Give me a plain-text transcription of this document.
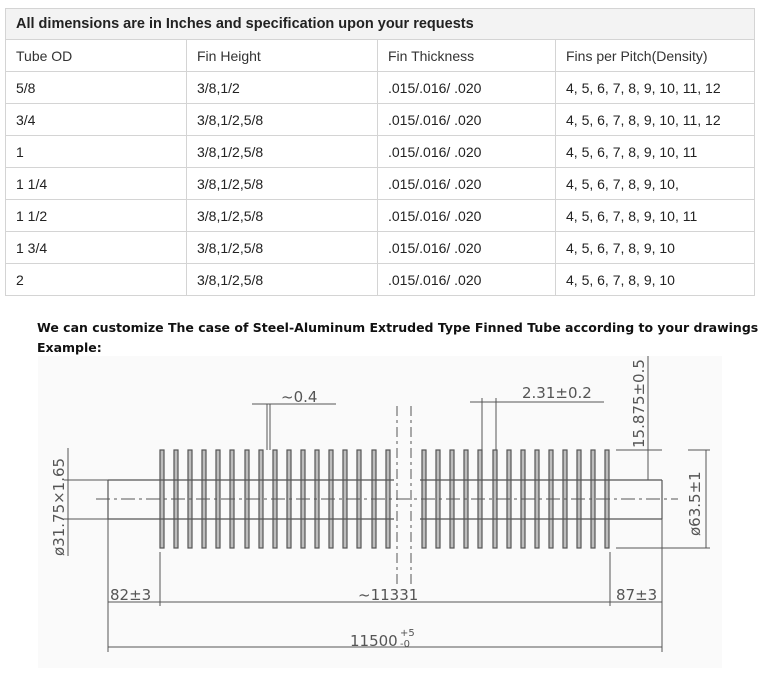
All dimensions are in Inches and specification upon your requests			
Tube OD	Fin Height	Fin Thickness	Fins per Pitch(Density)
5/8	3/8,1/2	.015/.016/ .020	4, 5, 6, 7, 8, 9, 10, 11, 12
3/4	3/8,1/2,5/8	.015/.016/ .020	4, 5, 6, 7, 8, 9, 10, 11, 12
1	3/8,1/2,5/8	.015/.016/ .020	4, 5, 6, 7, 8, 9, 10, 11
1 1/4	3/8,1/2,5/8	.015/.016/ .020	4, 5, 6, 7, 8, 9, 10,
1 1/2	3/8,1/2,5/8	.015/.016/ .020	4, 5, 6, 7, 8, 9, 10, 11
1 3/4	3/8,1/2,5/8	.015/.016/ .020	4, 5, 6, 7, 8, 9, 10
2	3/8,1/2,5/8	.015/.016/ .020	4, 5, 6, 7, 8, 9, 10
We can customize The case of Steel-Aluminum Extruded Type Finned Tube according to your drawings
Example:
~0.4	2.31±0.2	15.875±0.5
ø63.5±1
ø31.75×1.65
82±3	~11331	87±3
11500 +5
-0
